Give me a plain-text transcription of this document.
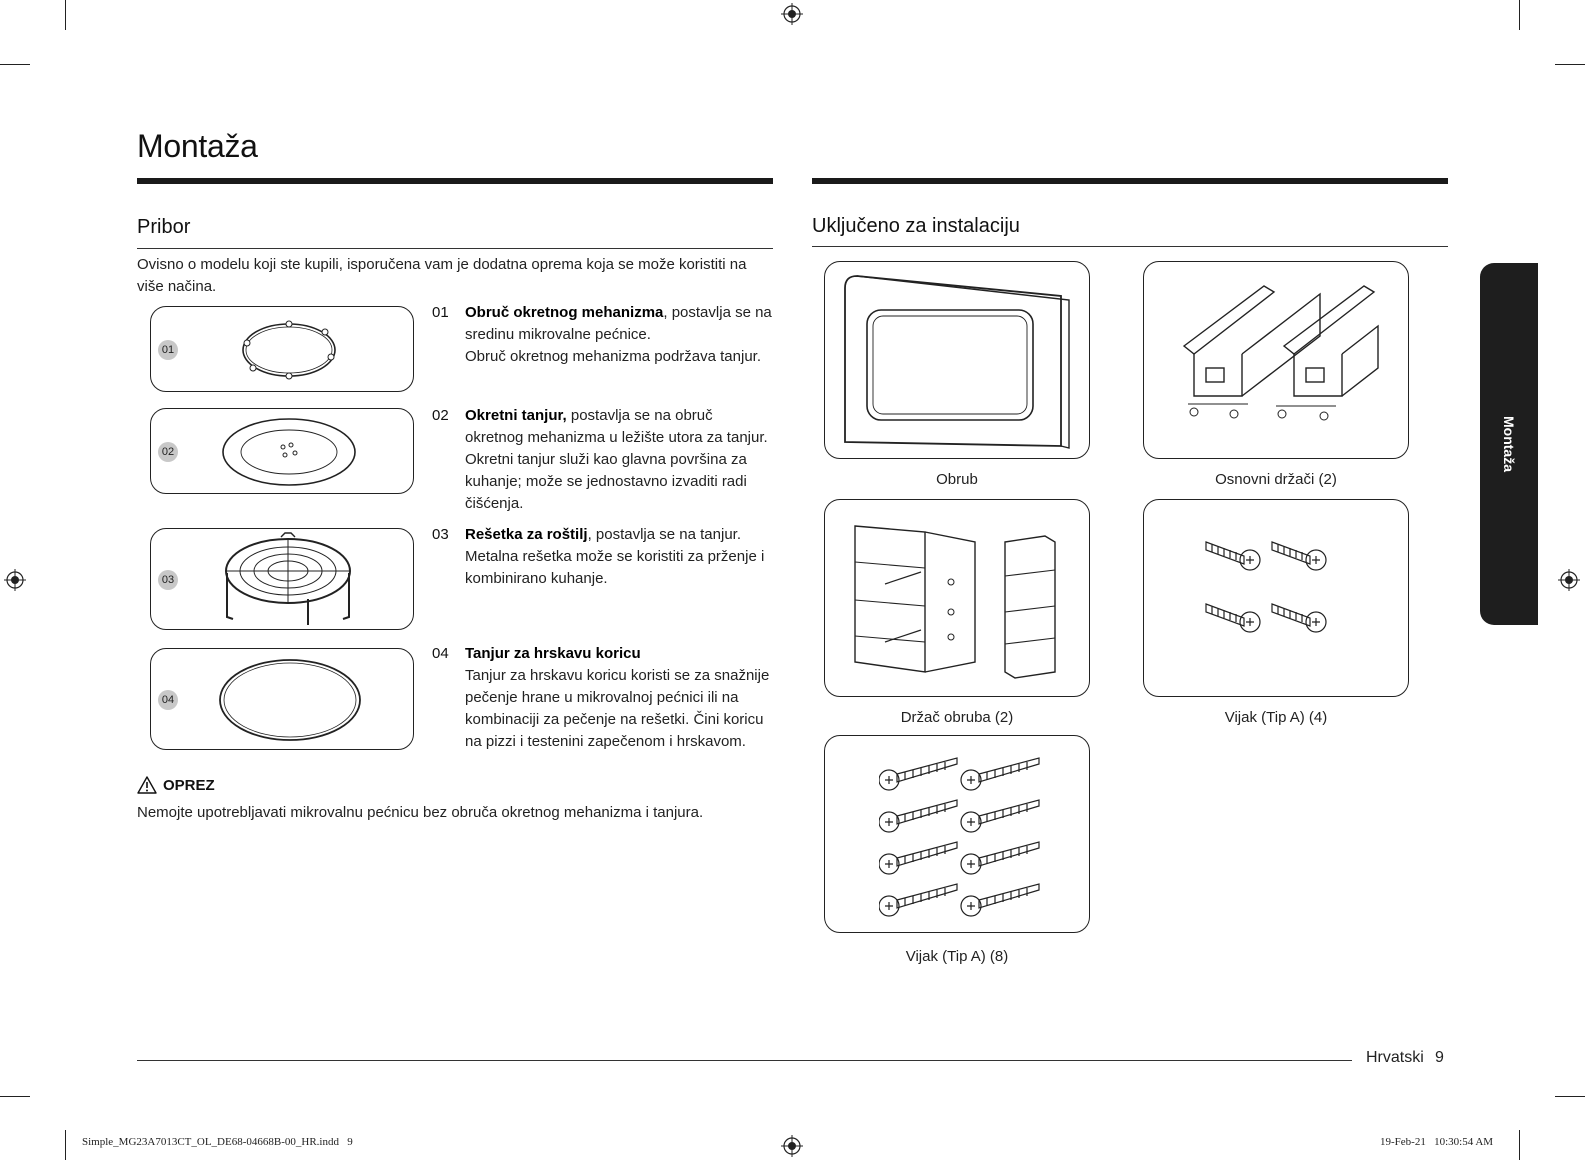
Montaža
Montaža
Pribor
Ovisno o modelu koji ste kupili, isporučena vam je dodatna oprema koja se može koristiti na više načina.
01
02
03
04
01 Obruč okretnog mehanizma, postavlja se na sredinu mikrovalne pećnice.
Obruč okretnog mehanizma podržava tanjur.
02 Okretni tanjur, postavlja se na obruč okretnog mehanizma u ležište utora za tanjur.
Okretni tanjur služi kao glavna površina za kuhanje; može se jednostavno izvaditi radi čišćenja.
03 Rešetka za roštilj, postavlja se na tanjur.
Metalna rešetka može se koristiti za prženje i kombinirano kuhanje.
04 Tanjur za hrskavu koricu
Tanjur za hrskavu koricu koristi se za snažnije pečenje hrane u mikrovalnoj pećnici ili na kombinaciji za pečenje na rešetki. Čini koricu na pizzi i testenini zapečenom i hrskavom.
OPREZ
Nemojte upotrebljavati mikrovalnu pećnicu bez obruča okretnog mehanizma i tanjura.
Uključeno za instalaciju
Obrub	Osnovni držači (2)
Držač obruba (2)	Vijak (Tip A) (4)
Vijak (Tip A) (8)
Hrvatski 9
Simple_MG23A7013CT_OL_DE68-04668B-00_HR.indd   9	19-Feb-21   10:30:54 AM
